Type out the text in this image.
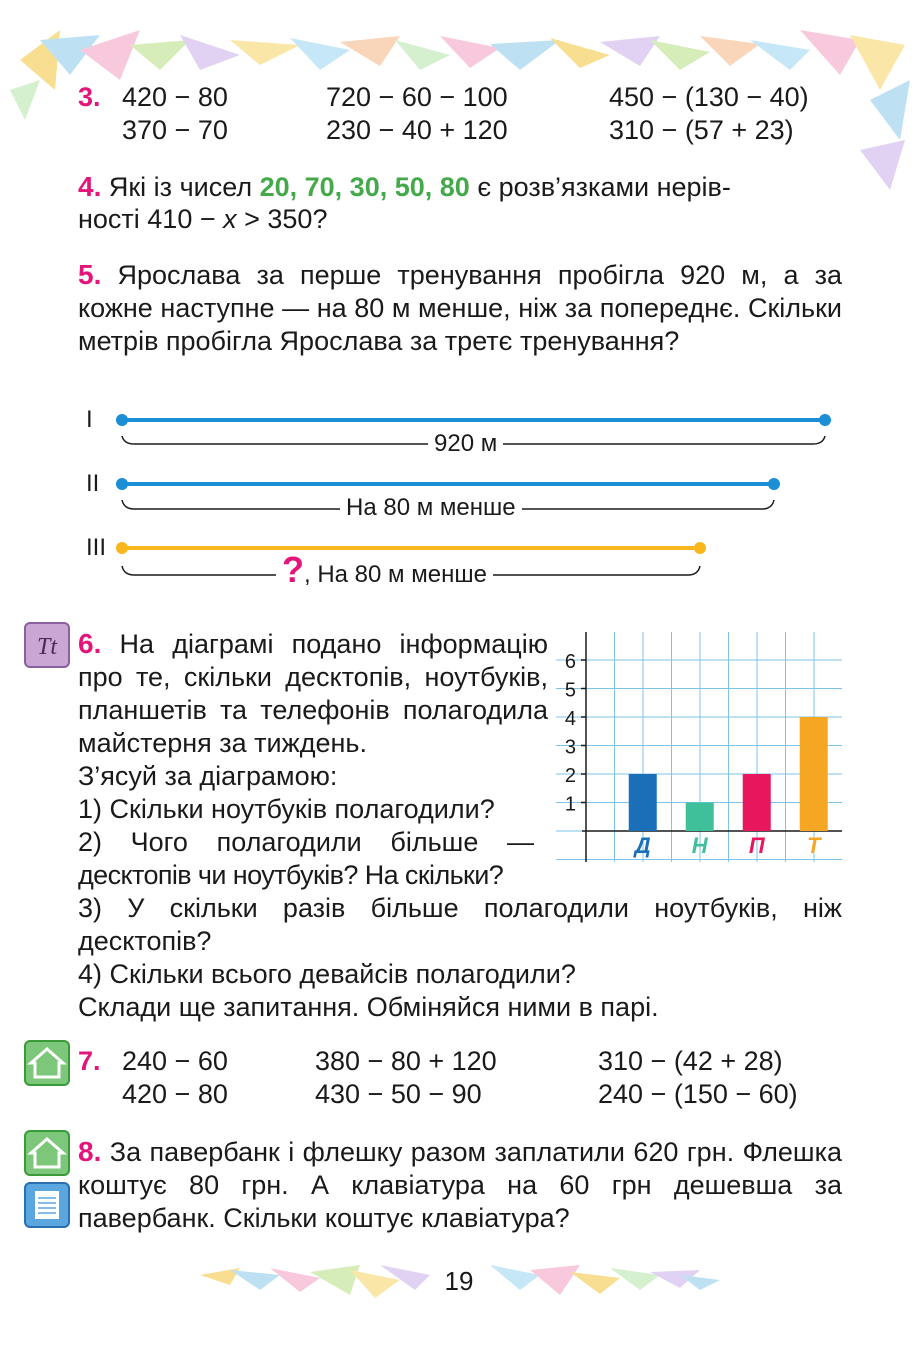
3. 420 − 80
370 − 70
720 − 60 − 100
230 − 40 + 120
450 − (130 − 40)
310 − (57 + 23)
4. Які із чисел 20, 70, 30, 50, 80 є розв’язками нерів-
ності 410 − x > 350?
5. Ярослава за перше тренування пробігла 920 м, а за кожне наступне — на 80 м менше, ніж за попереднє. Скільки метрів пробігла Ярослава за третє тренування?
I
II
III
920 м
На 80 м менше
?, На 80 м менше
Тt 6. На діаграмі подано інформацію про те, скільки десктопів, ноутбуків, планшетів та телефонів полагодила майстерня за тиждень.
З’ясуй за діаграмою:
1) Скільки ноутбуків полагодили?
2) Чого полагодили більше —
десктопів чи ноутбуків? На скільки?
3) У скільки разів більше полагодили ноутбуків, ніж десктопів?
4) Скільки всього девайсів полагодили?
Склади ще запитання. Обміняйся ними в парі.
1
2
3
4
5
6
Д Н П Т
7. 240 − 60
420 − 80
380 − 80 + 120
430 − 50 − 90
310 − (42 + 28)
240 − (150 − 60)
8. За павербанк і флешку разом заплатили 620 грн. Флешка коштує 80 грн. А клавіатура на 60 грн дешевша за павербанк. Скільки коштує клавіатура?
19
